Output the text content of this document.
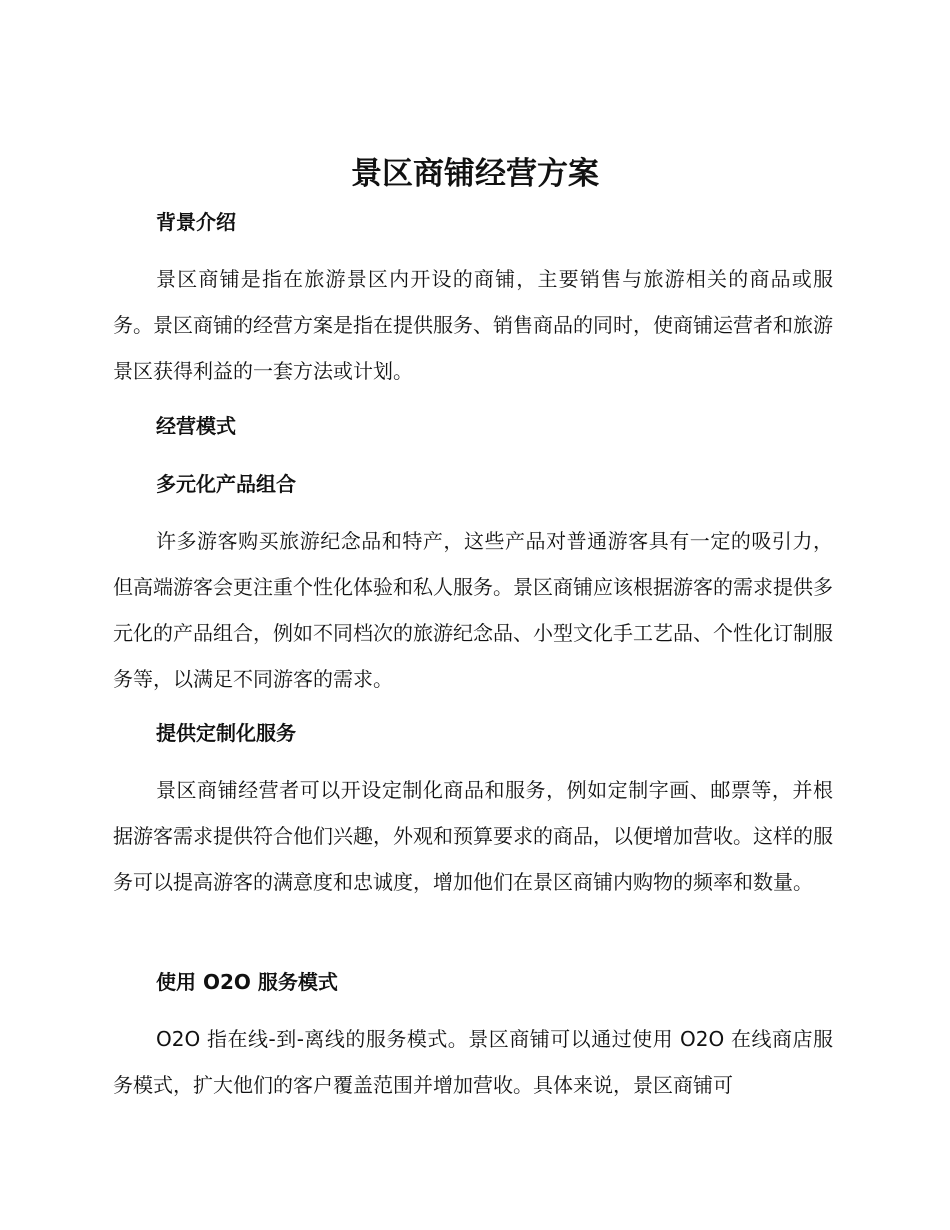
景区商铺经营方案
背景介绍

景区商铺是指在旅游景区内开设的商铺，主要销售与旅游相关的商品或服务。景区商铺的经营方案是指在提供服务、销售商品的同时，使商铺运营者和旅游景区获得利益的一套方法或计划。

经营模式
多元化产品组合

许多游客购买旅游纪念品和特产，这些产品对普通游客具有一定的吸引力，但高端游客会更注重个性化体验和私人服务。景区商铺应该根据游客的需求提供多元化的产品组合，例如不同档次的旅游纪念品、小型文化手工艺品、个性化订制服务等，以满足不同游客的需求。

提供定制化服务

景区商铺经营者可以开设定制化商品和服务，例如定制字画、邮票等，并根据游客需求提供符合他们兴趣，外观和预算要求的商品，以便增加营收。这样的服务可以提高游客的满意度和忠诚度，增加他们在景区商铺内购物的频率和数量。

使用 O2O 服务模式

O2O 指在线-到-离线的服务模式。景区商铺可以通过使用 O2O 在线商店服务模式，扩大他们的客户覆盖范围并增加营收。具体来说，景区商铺可
